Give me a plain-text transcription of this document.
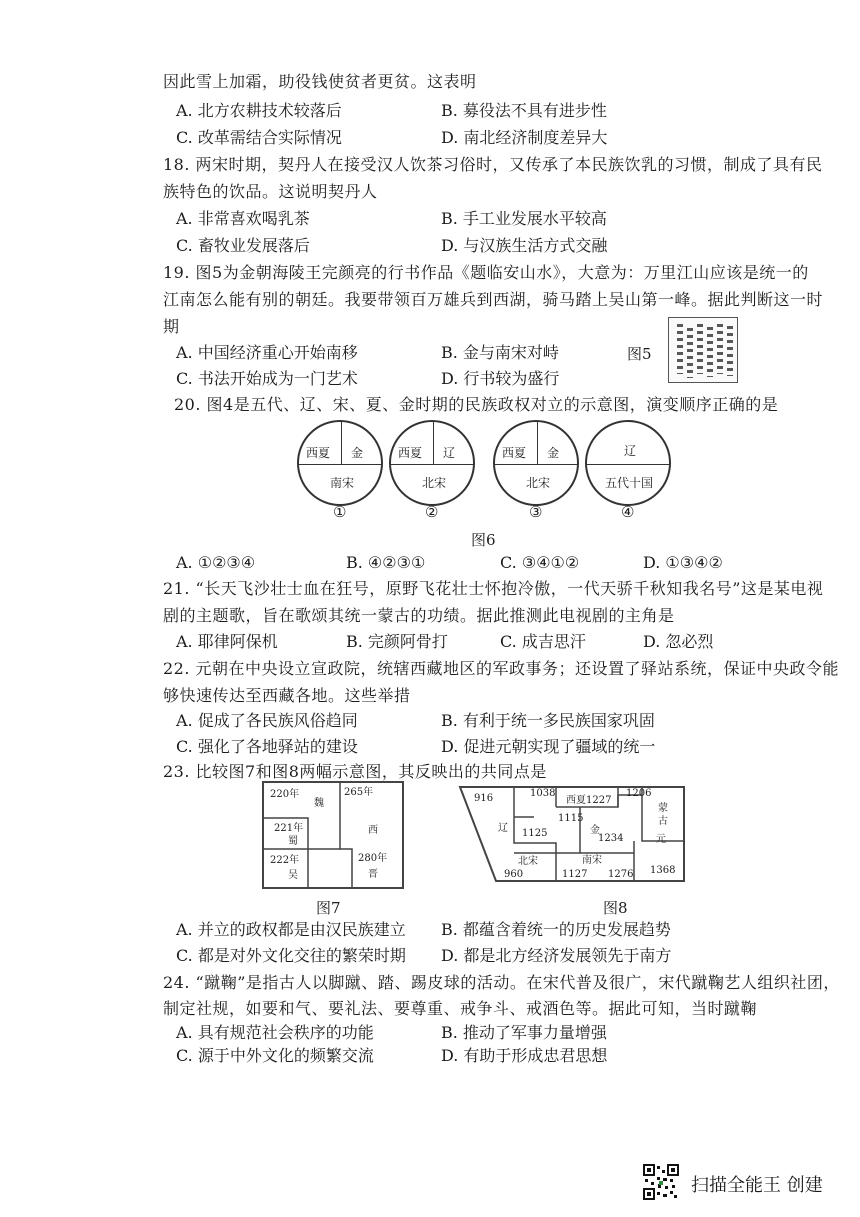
因此雪上加霜，助役钱使贫者更贫。这表明
A. 北方农耕技术较落后	B. 募役法不具有进步性
C. 改革需结合实际情况	D. 南北经济制度差异大
18. 两宋时期，契丹人在接受汉人饮茶习俗时，又传承了本民族饮乳的习惯，制成了具有民
族特色的饮品。这说明契丹人
A. 非常喜欢喝乳茶	B. 手工业发展水平较高
C. 畜牧业发展落后	D. 与汉族生活方式交融
19. 图5为金朝海陵王完颜亮的行书作品《题临安山水》，大意为：万里江山应该是统一的
江南怎么能有别的朝廷。我要带领百万雄兵到西湖，骑马踏上吴山第一峰。据此判断这一时
期
A. 中国经济重心开始南移	B. 金与南宋对峙
C. 书法开始成为一门艺术	D. 行书较为盛行
图5
20. 图4是五代、辽、宋、夏、金时期的民族政权对立的示意图，演变顺序正确的是
西夏 金
南宋
西夏 辽
北宋
西夏 金
北宋
辽
五代十国
①	②	③	④
图6
A. ①②③④	B. ④②③①	C. ③④①②	D. ①③④②
21. “长天飞沙壮士血在狂号，原野飞花壮士怀抱冷傲，一代天骄千秋知我名号”这是某电视
剧的主题歌，旨在歌颂其统一蒙古的功绩。据此推测此电视剧的主角是
A. 耶律阿保机	B. 完颜阿骨打	C. 成吉思汗	D. 忽必烈
22. 元朝在中央设立宣政院，统辖西藏地区的军政事务；还设置了驿站系统，保证中央政令能
够快速传达至西藏各地。这些举措
A. 促成了各民族风俗趋同	B. 有利于统一多民族国家巩固
C. 强化了各地驿站的建设	D. 促进元朝实现了疆域的统一
23. 比较图7和图8两幅示意图，其反映出的共同点是
220年
魏
221年
蜀
222年
吴
265年
西
280年
晋
图7
916	1038
西夏1227
1206
蒙
古
辽 1125
1115
金
1234	元
北宋
960
南宋
1127 1276 1368
图8
A. 并立的政权都是由汉民族建立 B. 都蕴含着统一的历史发展趋势
C. 都是对外文化交往的繁荣时期 D. 都是北方经济发展领先于南方
24. “蹴鞠”是指古人以脚蹴、踏、踢皮球的活动。在宋代普及很广，宋代蹴鞠艺人组织社团，
制定社规，如要和气、要礼法、要尊重、戒争斗、戒酒色等。据此可知，当时蹴鞠
A. 具有规范社会秩序的功能	B. 推动了军事力量增强
C. 源于中外文化的频繁交流	D. 有助于形成忠君思想
扫描全能王 创建
